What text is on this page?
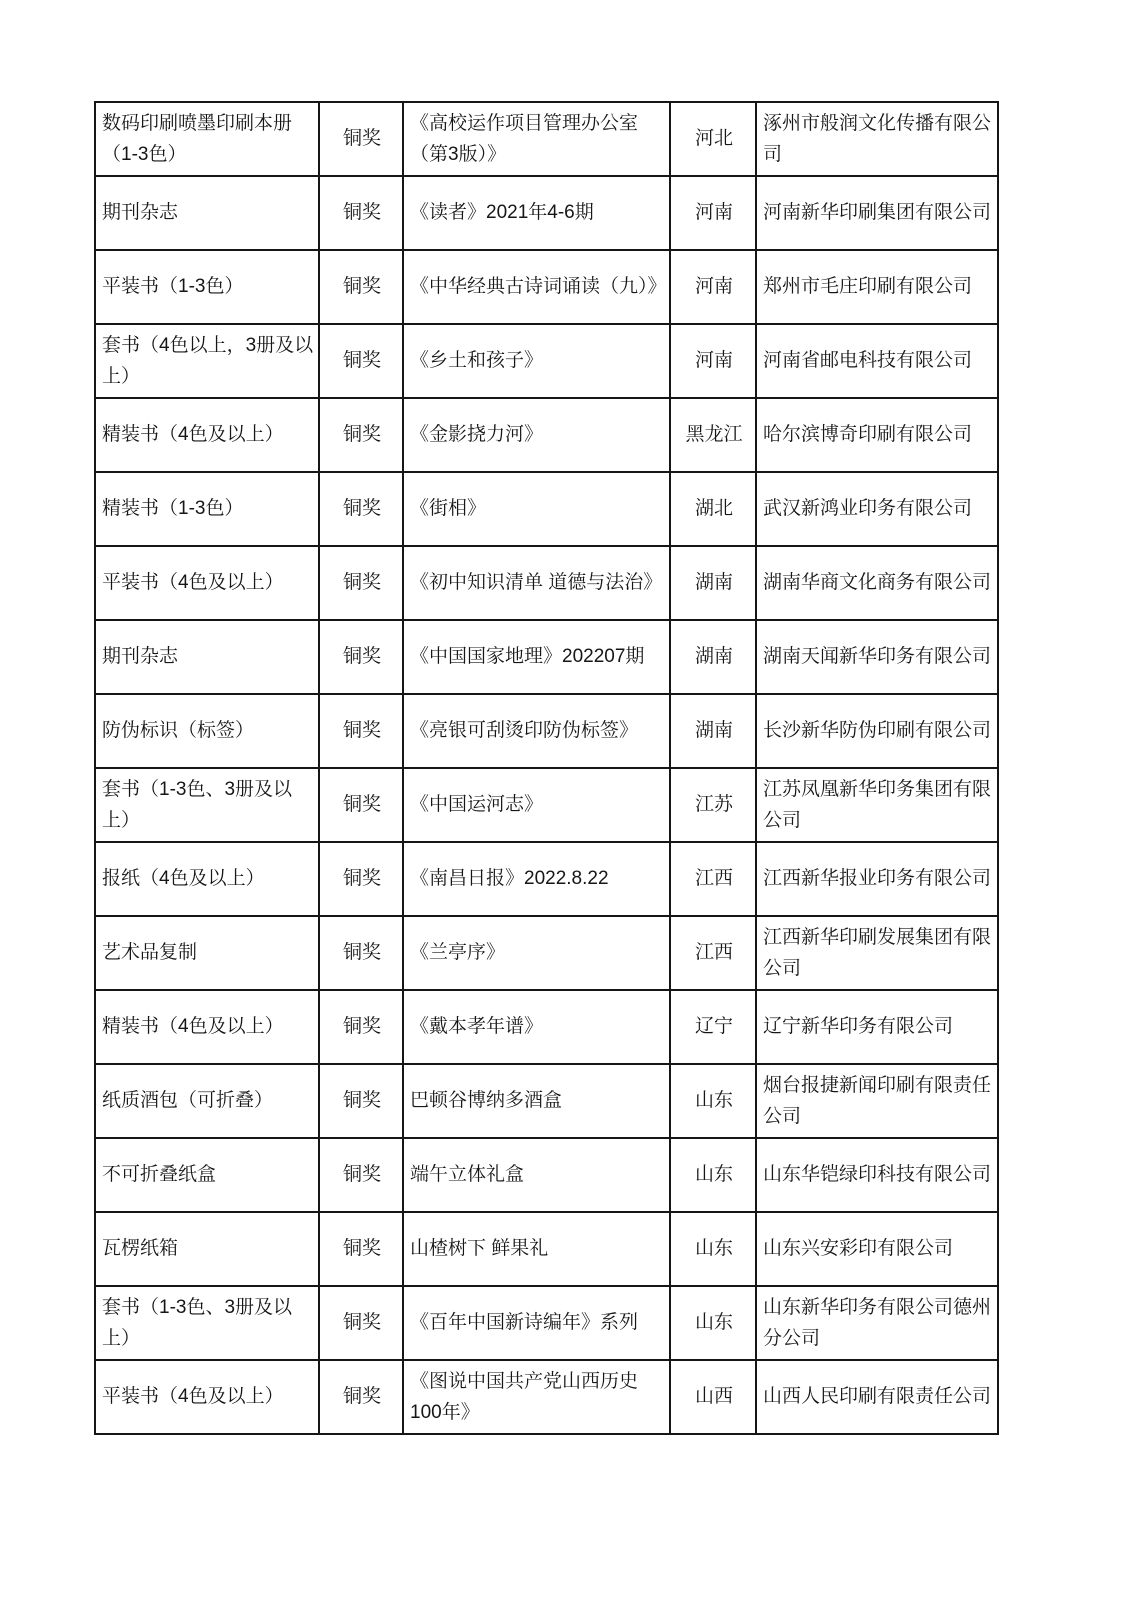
数码印刷喷墨印刷本册（1-3色）	铜奖	《高校运作项目管理办公室（第3版）》	河北	涿州市般润文化传播有限公司
期刊杂志	铜奖	《读者》2021年4-6期	河南	河南新华印刷集团有限公司
平装书（1-3色）	铜奖	《中华经典古诗词诵读（九）》	河南	郑州市毛庄印刷有限公司
套书（4色以上，3册及以上）	铜奖	《乡土和孩子》	河南	河南省邮电科技有限公司
精装书（4色及以上）	铜奖	《金影挠力河》	黑龙江	哈尔滨博奇印刷有限公司
精装书（1-3色）	铜奖	《街相》	湖北	武汉新鸿业印务有限公司
平装书（4色及以上）	铜奖	《初中知识清单 道德与法治》	湖南	湖南华商文化商务有限公司
期刊杂志	铜奖	《中国国家地理》202207期	湖南	湖南天闻新华印务有限公司
防伪标识（标签）	铜奖	《亮银可刮烫印防伪标签》	湖南	长沙新华防伪印刷有限公司
套书（1-3色、3册及以上）	铜奖	《中国运河志》	江苏	江苏凤凰新华印务集团有限公司
报纸（4色及以上）	铜奖	《南昌日报》2022.8.22	江西	江西新华报业印务有限公司
艺术品复制	铜奖	《兰亭序》	江西	江西新华印刷发展集团有限公司
精装书（4色及以上）	铜奖	《戴本孝年谱》	辽宁	辽宁新华印务有限公司
纸质酒包（可折叠）	铜奖	巴顿谷博纳多酒盒	山东	烟台报捷新闻印刷有限责任公司
不可折叠纸盒	铜奖	端午立体礼盒	山东	山东华铠绿印科技有限公司
瓦楞纸箱	铜奖	山楂树下 鲜果礼	山东	山东兴安彩印有限公司
套书（1-3色、3册及以上）	铜奖	《百年中国新诗编年》系列	山东	山东新华印务有限公司德州分公司
平装书（4色及以上）	铜奖	《图说中国共产党山西历史100年》	山西	山西人民印刷有限责任公司
